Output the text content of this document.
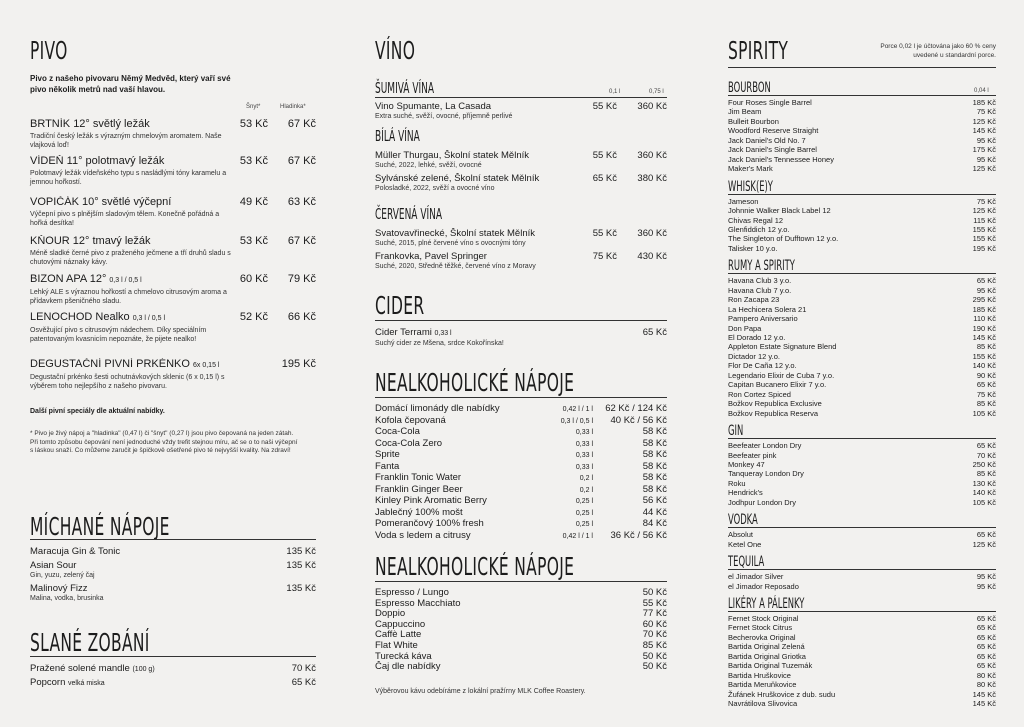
PIVO
Pivo z našeho pivovaru Němý Medvěd, který vaří své pivo několik metrů nad vaší hlavou.
Šnyt*	Hladinka*
BRTNÍK 12° světlý ležák	53 Kč	67 Kč
Tradiční český ležák s výrazným chmelovým aromatem. Naše vlajková loď!
VÍDEŇ 11° polotmavý ležák	53 Kč	67 Kč
Polotmavý ležák vídeňského typu s nasládlými tóny karamelu a jemnou hořkostí.
VOPIČÁK 10° světlé výčepní	49 Kč	63 Kč
Výčepní pivo s plnějším sladovým tělem. Konečně pořádná a hořká desítka!
KŇOUR 12° tmavý ležák	53 Kč	67 Kč
Méně sladké černé pivo z praženého ječmene a tří druhů sladu s chutovými náznaky kávy.
BIZON APA 12° 0,3 l / 0,5 l	60 Kč	79 Kč
Lehký ALE s výraznou hořkostí a chmelovo citrusovým aroma a přídavkem pšeničného sladu.
LENOCHOD Nealko 0,3 l / 0,5 l	52 Kč	66 Kč
Osvěžující pivo s citrusovým nádechem. Díky speciálním patentovaným kvasnicím nepoznáte, že pijete nealko!
DEGUSTAČNÍ PIVNÍ PRKÉNKO 6x 0,15 l	195 Kč
Degustační prkénko šesti ochutnávkových sklenic (6 x 0,15 l) s výběrem toho nejlepšího z našeho pivovaru.
Další pivní speciály dle aktuální nabídky.
* Pivo je živý nápoj a "hladinka" (0,47 l) či "šnyt" (0,27 l) jsou pivo čepovaná na jeden zátah. Při tomto způsobu čepování není jednoduché vždy trefit stejnou míru, ač se o to naši výčepní s láskou snaží. Co můžeme zaručit je špičkově ošetřené pivo té nejvyšší kvality. Na zdraví!
MÍCHANÉ NÁPOJE
Maracuja Gin & Tonic	135 Kč
Asian Sour	135 Kč
Gin, yuzu, zelený čaj
Malinový Fizz	135 Kč
Malina, vodka, brusinka
SLANÉ ZOBÁNÍ
Pražené solené mandle (100 g)	70 Kč
Popcorn velká miska	65 Kč
VÍNO
ŠUMIVÁ VÍNA	0,1 l	0,75 l
Vino Spumante, La Casada	55 Kč	360 Kč
Extra suché, svěží, ovocné, příjemně perlivé
BÍLÁ VÍNA
Müller Thurgau, Školní statek Mělník	55 Kč	360 Kč
Suché, 2022, lehké, svěží, ovocné
Sylvánské zelené, Školní statek Mělník	65 Kč	380 Kč
Polosladké, 2022, svěží a ovocné víno
ČERVENÁ VÍNA
Svatovavřinecké, Školní statek Mělník	55 Kč	360 Kč
Suché, 2015, plné červené víno s ovocnými tóny
Frankovka, Pavel Springer	75 Kč	430 Kč
Suché, 2020, Středně těžké, červené víno z Moravy
CIDER
Cider Terrami 0,33 l	65 Kč
Suchý cider ze Mšena, srdce Kokořínska!
NEALKOHOLICKÉ NÁPOJE
Domácí limonády dle nabídky	0,42 l / 1 l	62 Kč / 124 Kč
Kofola čepovaná	0,3 l / 0,5 l	40 Kč / 56 Kč
Coca-Cola	0,33 l	58 Kč
Coca-Cola Zero	0,33 l	58 Kč
Sprite	0,33 l	58 Kč
Fanta	0,33 l	58 Kč
Franklin Tonic Water	0,2 l	58 Kč
Franklin Ginger Beer	0,2 l	58 Kč
Kinley Pink Aromatic Berry	0,25 l	56 Kč
Jablečný 100% mošt	0,25 l	44 Kč
Pomerančový 100% fresh	0,25 l	84 Kč
Voda s ledem a citrusy	0,42 l / 1 l	36 Kč / 56 Kč
NEALKOHOLICKÉ NÁPOJE
Espresso / Lungo	50 Kč
Espresso Macchiato	55 Kč
Doppio	77 Kč
Cappuccino	60 Kč
Caffè Latte	70 Kč
Flat White	85 Kč
Turecká káva	50 Kč
Čaj dle nabídky	50 Kč
Výběrovou kávu odebíráme z lokální pražírny MLK Coffee Roastery.
SPIRITY	Porce 0,02 l je účtována jako 60 % ceny uvedené u standardní porce.
0,04 l
BOURBON
Four Roses Single Barrel	185 Kč
Jim Beam	75 Kč
Bulleit Bourbon	125 Kč
Woodford Reserve Straight	145 Kč
Jack Daniel's Old No. 7	95 Kč
Jack Daniel's Single Barrel	175 Kč
Jack Daniel's Tennessee Honey	95 Kč
Maker's Mark	125 Kč
WHISK(E)Y
Jameson	75 Kč
Johnnie Walker Black Label 12	125 Kč
Chivas Regal 12	115 Kč
Glenfiddich 12 y.o.	155 Kč
The Singleton of Dufftown 12 y.o.	155 Kč
Talisker 10 y.o.	195 Kč
RUMY A SPIRITY
Havana Club 3 y.o.	65 Kč
Havana Club 7 y.o.	95 Kč
Ron Zacapa 23	295 Kč
La Hechicera Solera 21	185 Kč
Pampero Aniversario	110 Kč
Don Papa	190 Kč
El Dorado 12 y.o.	145 Kč
Appleton Estate Signature Blend	85 Kč
Dictador 12 y.o.	155 Kč
Flor De Caña 12 y.o.	140 Kč
Legendario Elixir de Cuba 7 y.o.	90 Kč
Capitan Bucanero Elixir 7 y.o.	65 Kč
Ron Cortez Spiced	75 Kč
Božkov Republica Exclusive	85 Kč
Božkov Republica Reserva	105 Kč
GIN
Beefeater London Dry	65 Kč
Beefeater pink	70 Kč
Monkey 47	250 Kč
Tanqueray London Dry	85 Kč
Roku	130 Kč
Hendrick's	140 Kč
Jodhpur London Dry	105 Kč
VODKA
Absolut	65 Kč
Ketel One	125 Kč
TEQUILA
el Jimador Silver	95 Kč
el Jimador Reposado	95 Kč
LIKÉRY A PÁLENKY
Fernet Stock Original	65 Kč
Fernet Stock Citrus	65 Kč
Becherovka Original	65 Kč
Bartida Original Zelená	65 Kč
Bartida Original Griotka	65 Kč
Bartida Original Tuzemák	65 Kč
Bartida Hruškovice	80 Kč
Bartida Meruňkovice	80 Kč
Žufánek Hruškovice z dub. sudu	145 Kč
Navrátilova Slivovica	145 Kč
